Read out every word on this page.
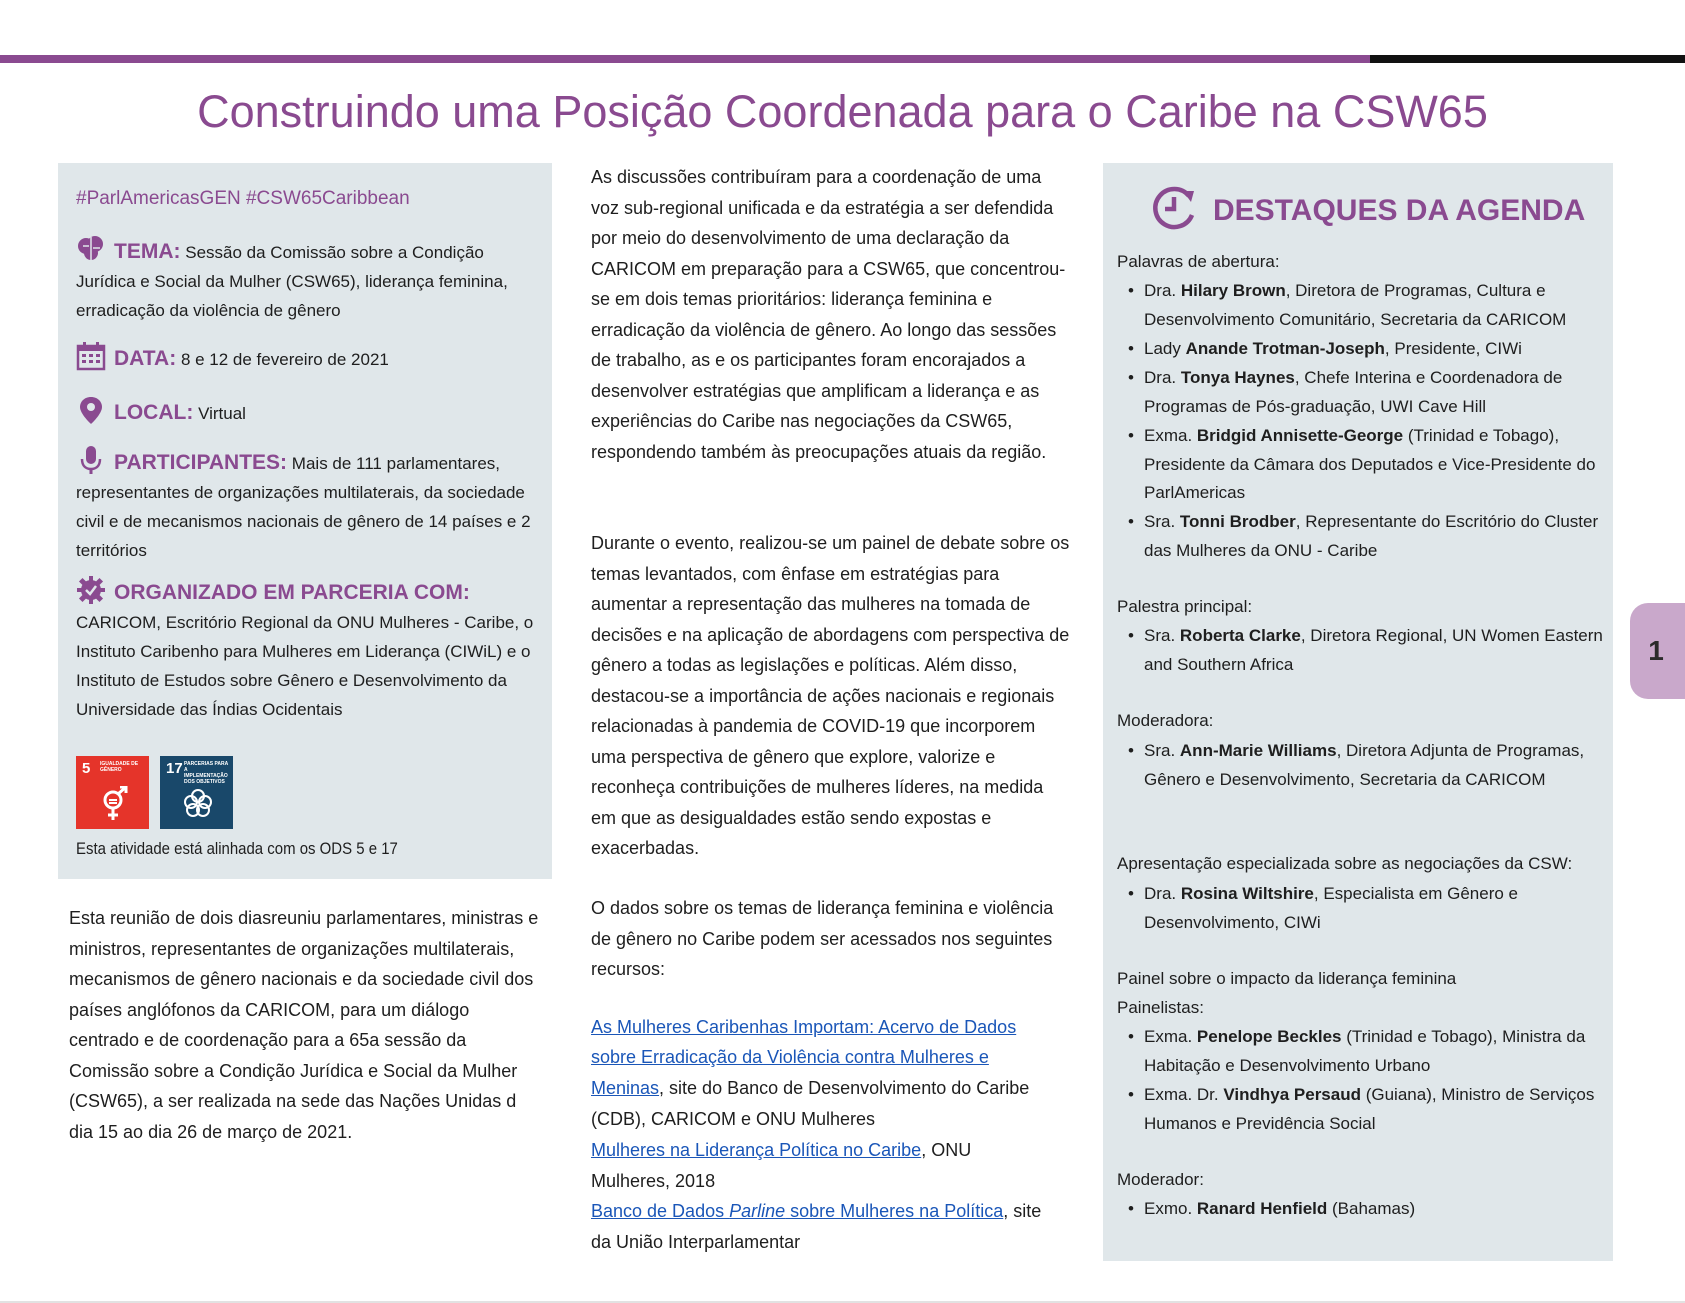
Construindo uma Posição Coordenada para o Caribe na CSW65
#ParlAmericasGEN #CSW65Caribbean
TEMA: Sessão da Comissão sobre a Condição Jurídica e Social da Mulher (CSW65), liderança feminina, erradicação da violência de gênero
DATA: 8 e 12 de fevereiro de 2021
LOCAL: Virtual
PARTICIPANTES: Mais de 111 parlamentares, representantes de organizações multilaterais, da sociedade civil e de mecanismos nacionais de gênero de 14 países e 2 territórios
ORGANIZADO EM PARCERIA COM: CARICOM, Escritório Regional da ONU Mulheres - Caribe, o Instituto Caribenho para Mulheres em Liderança (CIWiL) e o Instituto de Estudos sobre Gênero e Desenvolvimento da Universidade das Índias Ocidentais
5 IGUALDADE DE GÊNERO	17 PARCERIAS PARA A IMPLEMENTAÇÃO DOS OBJETIVOS
Esta atividade está alinhada com os ODS 5 e 17

Esta reunião de dois diasreuniu parlamentares, ministras e ministros, representantes de organizações multilaterais, mecanismos de gênero nacionais e da sociedade civil dos países anglófonos da CARICOM, para um diálogo centrado e de coordenação para a 65a sessão da Comissão sobre a Condição Jurídica e Social da Mulher (CSW65), a ser realizada na sede das Nações Unidas d dia 15 ao dia 26 de março de 2021.

As discussões contribuíram para a coordenação de uma voz sub-regional unificada e da estratégia a ser defendida por meio do desenvolvimento de uma declaração da CARICOM em preparação para a CSW65, que concentrou-se em dois temas prioritários: liderança feminina e erradicação da violência de gênero. Ao longo das sessões de trabalho, as e os participantes foram encorajados a desenvolver estratégias que amplificam a liderança e as experiências do Caribe nas negociações da CSW65, respondendo também às preocupações atuais da região.

Durante o evento, realizou-se um painel de debate sobre os temas levantados, com ênfase em estratégias para aumentar a representação das mulheres na tomada de decisões e na aplicação de abordagens com perspectiva de gênero a todas as legislações e políticas. Além disso, destacou-se a importância de ações nacionais e regionais relacionadas à pandemia de COVID-19 que incorporem uma perspectiva de gênero que explore, valorize e reconheça contribuições de mulheres líderes, na medida em que as desigualdades estão sendo expostas e exacerbadas.

O dados sobre os temas de liderança feminina e violência de gênero no Caribe podem ser acessados nos seguintes recursos:

As Mulheres Caribenhas Importam: Acervo de Dados
sobre Erradicação da Violência contra Mulheres e
Meninas, site do Banco de Desenvolvimento do Caribe
(CDB), CARICOM e ONU Mulheres
Mulheres na Liderança Política no Caribe, ONU
Mulheres, 2018
Banco de Dados Parline sobre Mulheres na Política, site
da União Interparlamentar
DESTAQUES DA AGENDA
Palavras de abertura:
• Dra. Hilary Brown, Diretora de Programas, Cultura e Desenvolvimento Comunitário, Secretaria da CARICOM
• Lady Anande Trotman-Joseph, Presidente, CIWi
• Dra. Tonya Haynes, Chefe Interina e Coordenadora de Programas de Pós-graduação, UWI Cave Hill
• Exma. Bridgid Annisette-George (Trinidad e Tobago), Presidente da Câmara dos Deputados e Vice-Presidente do ParlAmericas
• Sra. Tonni Brodber, Representante do Escritório do Cluster das Mulheres da ONU - Caribe
Palestra principal:
• Sra. Roberta Clarke, Diretora Regional, UN Women Eastern and Southern Africa
Moderadora:
• Sra. Ann-Marie Williams, Diretora Adjunta de Programas, Gênero e Desenvolvimento, Secretaria da CARICOM
Apresentação especializada sobre as negociações da CSW:
• Dra. Rosina Wiltshire, Especialista em Gênero e Desenvolvimento, CIWi
Painel sobre o impacto da liderança feminina
Painelistas:
• Exma. Penelope Beckles (Trinidad e Tobago), Ministra da Habitação e Desenvolvimento Urbano
• Exma. Dr. Vindhya Persaud (Guiana), Ministro de Serviços Humanos e Previdência Social
Moderador:
• Exmo. Ranard Henfield (Bahamas)
1
